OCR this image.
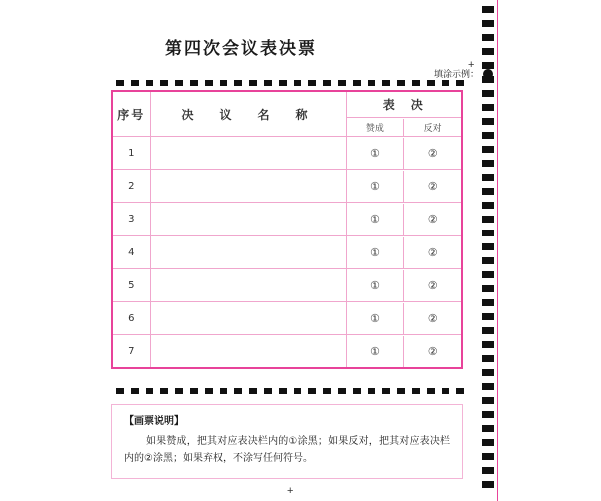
第四次会议表决票
+
+
填涂示例：
序号	决　议　名　称	表　决

赞成	反对

1			①	②

2			①	②

3			①	②

4			①	②

5			①	②

6			①	②

7			①	②
【画票说明】
如果赞成，把其对应表决栏内的①涂黑；如果反对，把其对应表决栏内的②涂黑；如果弃权，不涂写任何符号。
